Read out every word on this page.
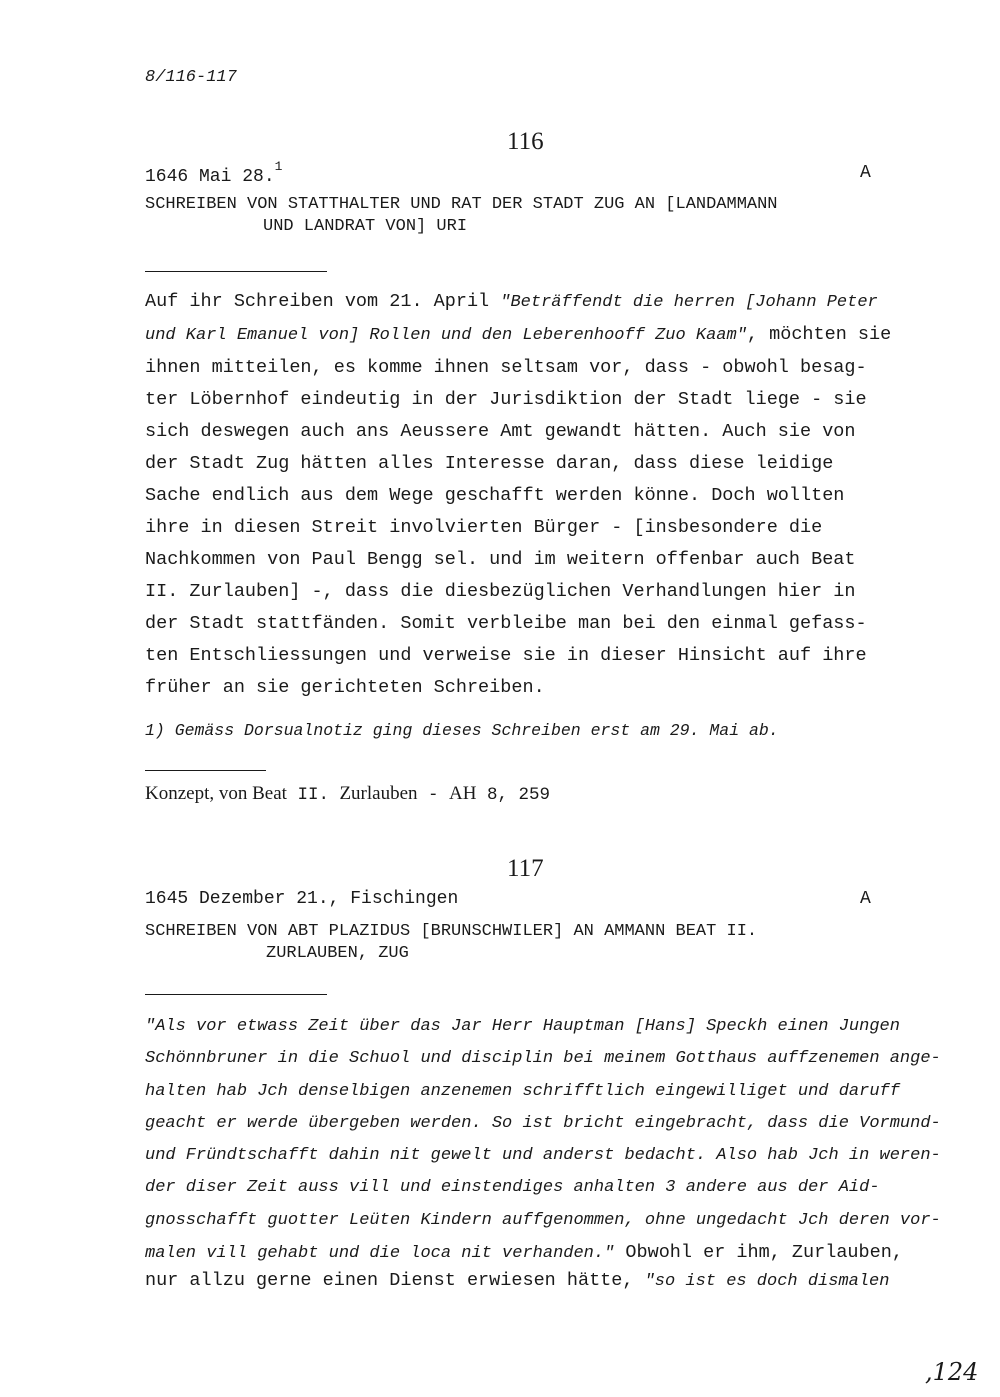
8/116-117
116
1646 Mai 28.$^1$	A
SCHREIBEN VON STATTHALTER UND RAT DER STADT ZUG AN [LANDAMMANN
UND LANDRAT VON] URI
Auf ihr Schreiben vom 21. April "Beträffendt die herren [Johann Peter
und Karl Emanuel von] Rollen und den Leberenhooff Zuo Kaam", möchten sie
ihnen mitteilen, es komme ihnen seltsam vor, dass - obwohl besag-
ter Löbernhof eindeutig in der Jurisdiktion der Stadt liege - sie
sich deswegen auch ans Aeussere Amt gewandt hätten. Auch sie von
der Stadt Zug hätten alles Interesse daran, dass diese leidige
Sache endlich aus dem Wege geschafft werden könne. Doch wollten
ihre in diesen Streit involvierten Bürger - [insbesondere die
Nachkommen von Paul Bengg sel. und im weitern offenbar auch Beat
II. Zurlauben] -, dass die diesbezüglichen Verhandlungen hier in
der Stadt stattfänden. Somit verbleibe man bei den einmal gefass-
ten Entschliessungen und verweise sie in dieser Hinsicht auf ihre
früher an sie gerichteten Schreiben.
1) Gemäss Dorsualnotiz ging dieses Schreiben erst am 29. Mai ab.
Konzept, von Beat II. Zurlauben - AH 8, 259
117
1645 Dezember 21., Fischingen	A
SCHREIBEN VON ABT PLAZIDUS [BRUNSCHWILER] AN AMMANN BEAT II.
ZURLAUBEN, ZUG
"Als vor etwass Zeit über das Jar Herr Hauptman [Hans] Speckh einen Jungen
Schönnbruner in die Schuol und disciplin bei meinem Gotthaus auffzenemen ange-
halten hab Jch denselbigen anzenemen schrifftlich eingewilliget und daruff
geacht er werde übergeben werden. So ist bricht eingebracht, dass die Vormund-
und Fründtschafft dahin nit gewelt und anderst bedacht. Also hab Jch in weren-
der diser Zeit auss vill und einstendiges anhalten 3 andere aus der Aid-
gnosschafft guotter Leüten Kindern auffgenommen, ohne ungedacht Jch deren vor-
malen vill gehabt und die loca nit verhanden." Obwohl er ihm, Zurlauben,
nur allzu gerne einen Dienst erwiesen hätte, "so ist es doch dismalen
,124
